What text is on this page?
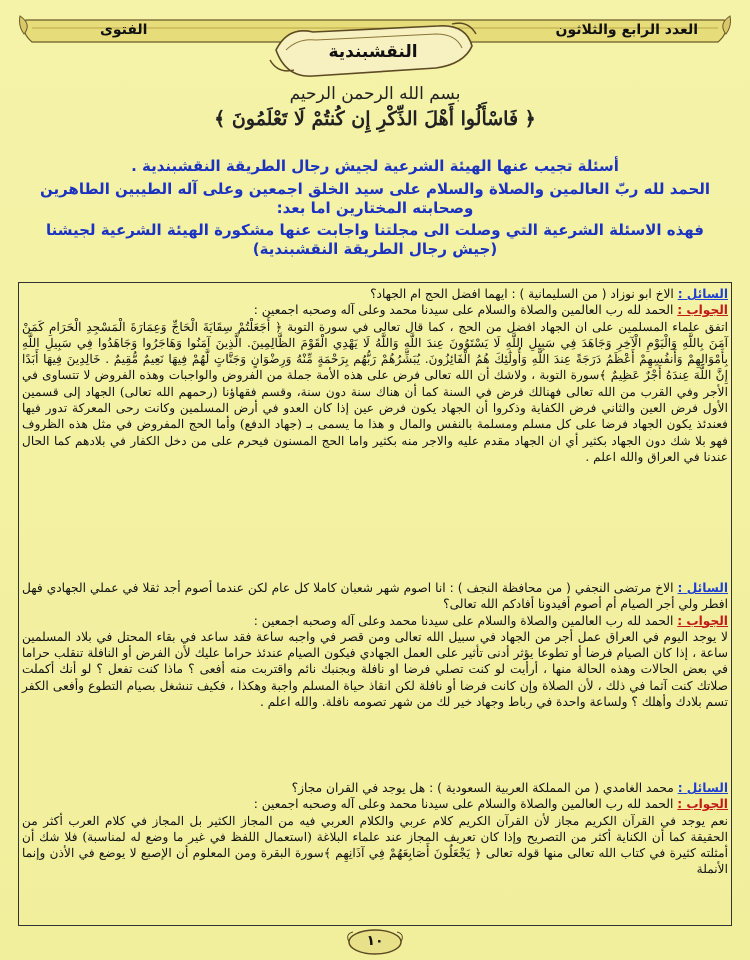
العدد الرابع والثلاثون
الفتوى
النقشبندية
بسم الله الرحمن الرحيم
﴿ فَاسْأَلُوا أَهْلَ الذِّكْرِ إِن كُنتُمْ لَا تَعْلَمُونَ ﴾
أسئلة تجيب عنها الهيئة الشرعية لجيش رجال الطريقة النقشبندية .
الحمد لله ربّ العالمين والصلاة والسلام على سيد الخلق اجمعين وعلى آله الطيبين الطاهرين
وصحابته المختارين اما بعد:
فهذه الاسئلة الشرعية التي وصلت الى مجلتنا واجابت عنها مشكورة الهيئة الشرعية لجيشنا
(جيش رجال الطريقة النقشبندية)
السائل : الاخ ابو نوزاد ( من السليمانية ) : ايهما افضل الحج ام الجهاد؟
الجواب : الحمد لله رب العالمين والصلاة والسلام على سيدنا محمد وعلى آله وصحبه اجمعين :
اتفق علماء المسلمين على ان الجهاد افضل من الحج ، كما قال تعالى في سورة التوبة ﴿ أَجَعَلْتُمْ سِقَايَةَ الْحَاجِّ وَعِمَارَةَ الْمَسْجِدِ الْحَرَامِ كَمَنْ آمَنَ بِاللَّهِ وَالْيَوْمِ الْآخِرِ وَجَاهَدَ فِي سَبِيلِ اللَّهِ لَا يَسْتَوُونَ عِندَ اللَّهِ وَاللَّهُ لَا يَهْدِي الْقَوْمَ الظَّالِمِينَ. الَّذِينَ آمَنُوا وَهَاجَرُوا وَجَاهَدُوا فِي سَبِيلِ اللَّهِ بِأَمْوَالِهِمْ وَأَنفُسِهِمْ أَعْظَمُ دَرَجَةً عِندَ اللَّهِ وَأُولَٰئِكَ هُمُ الْفَائِزُونَ. يُبَشِّرُهُمْ رَبُّهُم بِرَحْمَةٍ مِّنْهُ وَرِضْوَانٍ وَجَنَّاتٍ لَّهُمْ فِيهَا نَعِيمٌ مُّقِيمٌ . خَالِدِينَ فِيهَا أَبَدًا إِنَّ اللَّهَ عِندَهُ أَجْرٌ عَظِيمٌ ﴾سورة التوبة ، ولاشك أن الله تعالى فرض على هذه الأمة جملة من الفروض والواجبات وهذه الفروض لا تتساوى في الأجر وفي القرب من الله تعالى فهنالك فرض في السنة كما أن هناك سنة دون سنة، وقسم فقهاؤنا (رحمهم الله تعالى) الجهاد إلى قسمين الأول فرض العين والثاني فرض الكفاية وذكروا أن الجهاد يكون فرض عين إذا كان العدو في أرض المسلمين وكانت رحى المعركة تدور فيها فعندئذ يكون الجهاد فرضا على كل مسلم ومسلمة بالنفس والمال و هذا ما يسمى بـ (جهاد الدفع) وأما الحج المفروض في مثل هذه الظروف فهو بلا شك دون الجهاد بكثير أي ان الجهاد مقدم عليه والاجر منه بكثير واما الحج المسنون فيحرم على من دخل الكفار في بلادهم كما الحال عندنا في العراق والله اعلم .
السائل : الاخ مرتضى النجفي ( من محافظة النجف ) : انا اصوم شهر شعبان كاملا كل عام لكن عندما أصوم أجد ثقلا في عملي الجهادي فهل افطر ولي أجر الصيام أم أصوم أفيدونا أفادكم الله تعالى؟
الجواب : الحمد لله رب العالمين والصلاة والسلام على سيدنا محمد وعلى آله وصحبه اجمعين :
لا يوجد اليوم في العراق عمل أجر من الجهاد في سبيل الله تعالى ومن قصر في واجبه ساعة فقد ساعد في بقاء المحتل في بلاد المسلمين ساعة ، إذا كان الصيام فرضا أو تطوعا يؤثر أدنى تأثير على العمل الجهادي فيكون الصيام عندئذ حراما عليك لأن الفرض أو النافلة تنقلب حراما في بعض الحالات وهذه الحالة منها ، أرأيت لو كنت تصلي فرضا او نافلة وبجنبك نائم واقتربت منه أفعى ؟ ماذا كنت تفعل ؟ لو أنك أكملت صلاتك كنت آثما في ذلك ، لأن الصلاة وإن كانت فرضا أو نافلة لكن انقاذ حياة المسلم واجبة وهكذا ، فكيف تنشغل بصيام التطوع وأفعى الكفر تسم بلادك وأهلك ؟ ولساعة واحدة في رباط وجهاد خير لك من شهر تصومه نافلة. والله اعلم .
السائل : محمد الغامدي ( من المملكة العربية السعودية ) : هل يوجد في القران مجاز؟
الجواب : الحمد لله رب العالمين والصلاة والسلام على سيدنا محمد وعلى آله وصحبه اجمعين :
نعم يوجد في القرآن الكريم مجاز لأن القرآن الكريم كلام عربي والكلام العربي فيه من المجاز الكثير بل المجاز في كلام العرب أكثر من الحقيقة كما أن الكناية أكثر من التصريح وإذا كان تعريف المجاز عند علماء البلاغة (استعمال اللفظ في غير ما وضع له لمناسبة) فلا شك أن أمثلته كثيرة في كتاب الله تعالى منها قوله تعالى ﴿ يَجْعَلُونَ أَصَابِعَهُمْ فِي آذَانِهِم ﴾سورة البقرة ومن المعلوم أن الإصبع لا يوضع في الأذن وإنما الأنملة
١٠
